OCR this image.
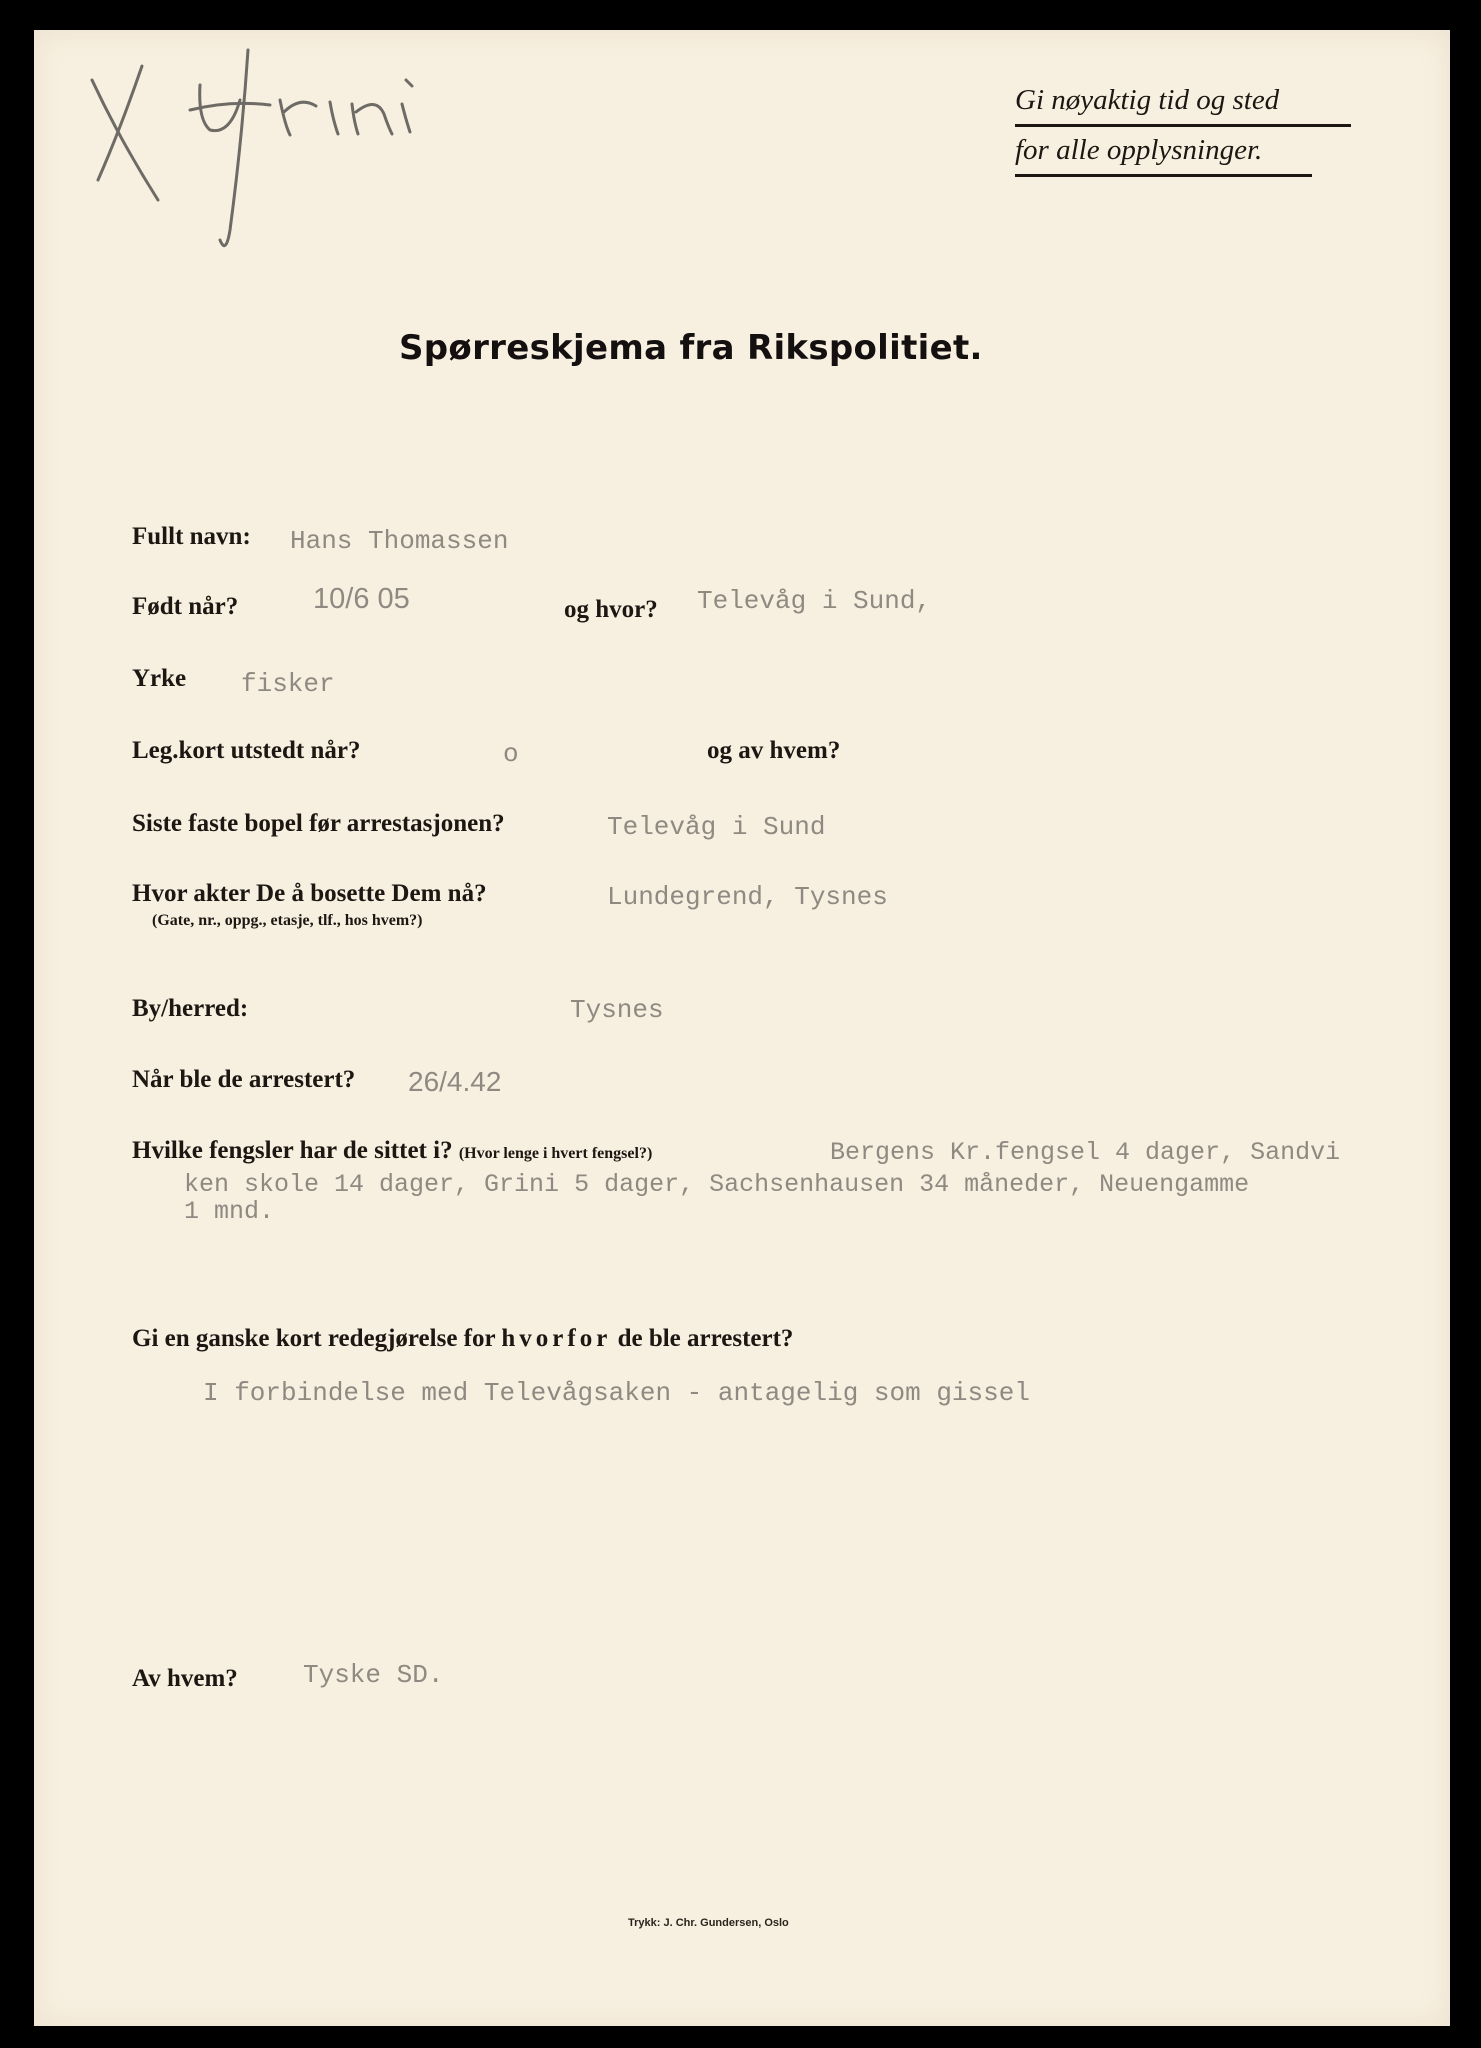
Gi nøyaktig tid og sted
for alle opplysninger.
Spørreskjema fra Rikspolitiet.
Fullt navn: Hans Thomassen
Født når?	10/6 05	og hvor? Televåg i Sund,
Yrke fisker
Leg.kort utstedt når?	o	og av hvem?
Siste faste bopel før arrestasjonen?	Televåg i Sund
Hvor akter De å bosette Dem nå?	Lundegrend, Tysnes
(Gate, nr., oppg., etasje, tlf., hos hvem?)
By/herred:	Tysnes
Når ble de arrestert? 26/4.42
Hvilke fengsler har de sittet i? (Hvor lenge i hvert fengsel?)	Bergens Kr.fengsel 4 dager, Sandvi
ken skole 14 dager, Grini 5 dager, Sachsenhausen 34 måneder, Neuengamme
1 mnd.
Gi en ganske kort redegjørelse for hvorfor de ble arrestert?
I forbindelse med Televågsaken - antagelig som gissel
Av hvem?	Tyske SD.
Trykk: J. Chr. Gundersen, Oslo
